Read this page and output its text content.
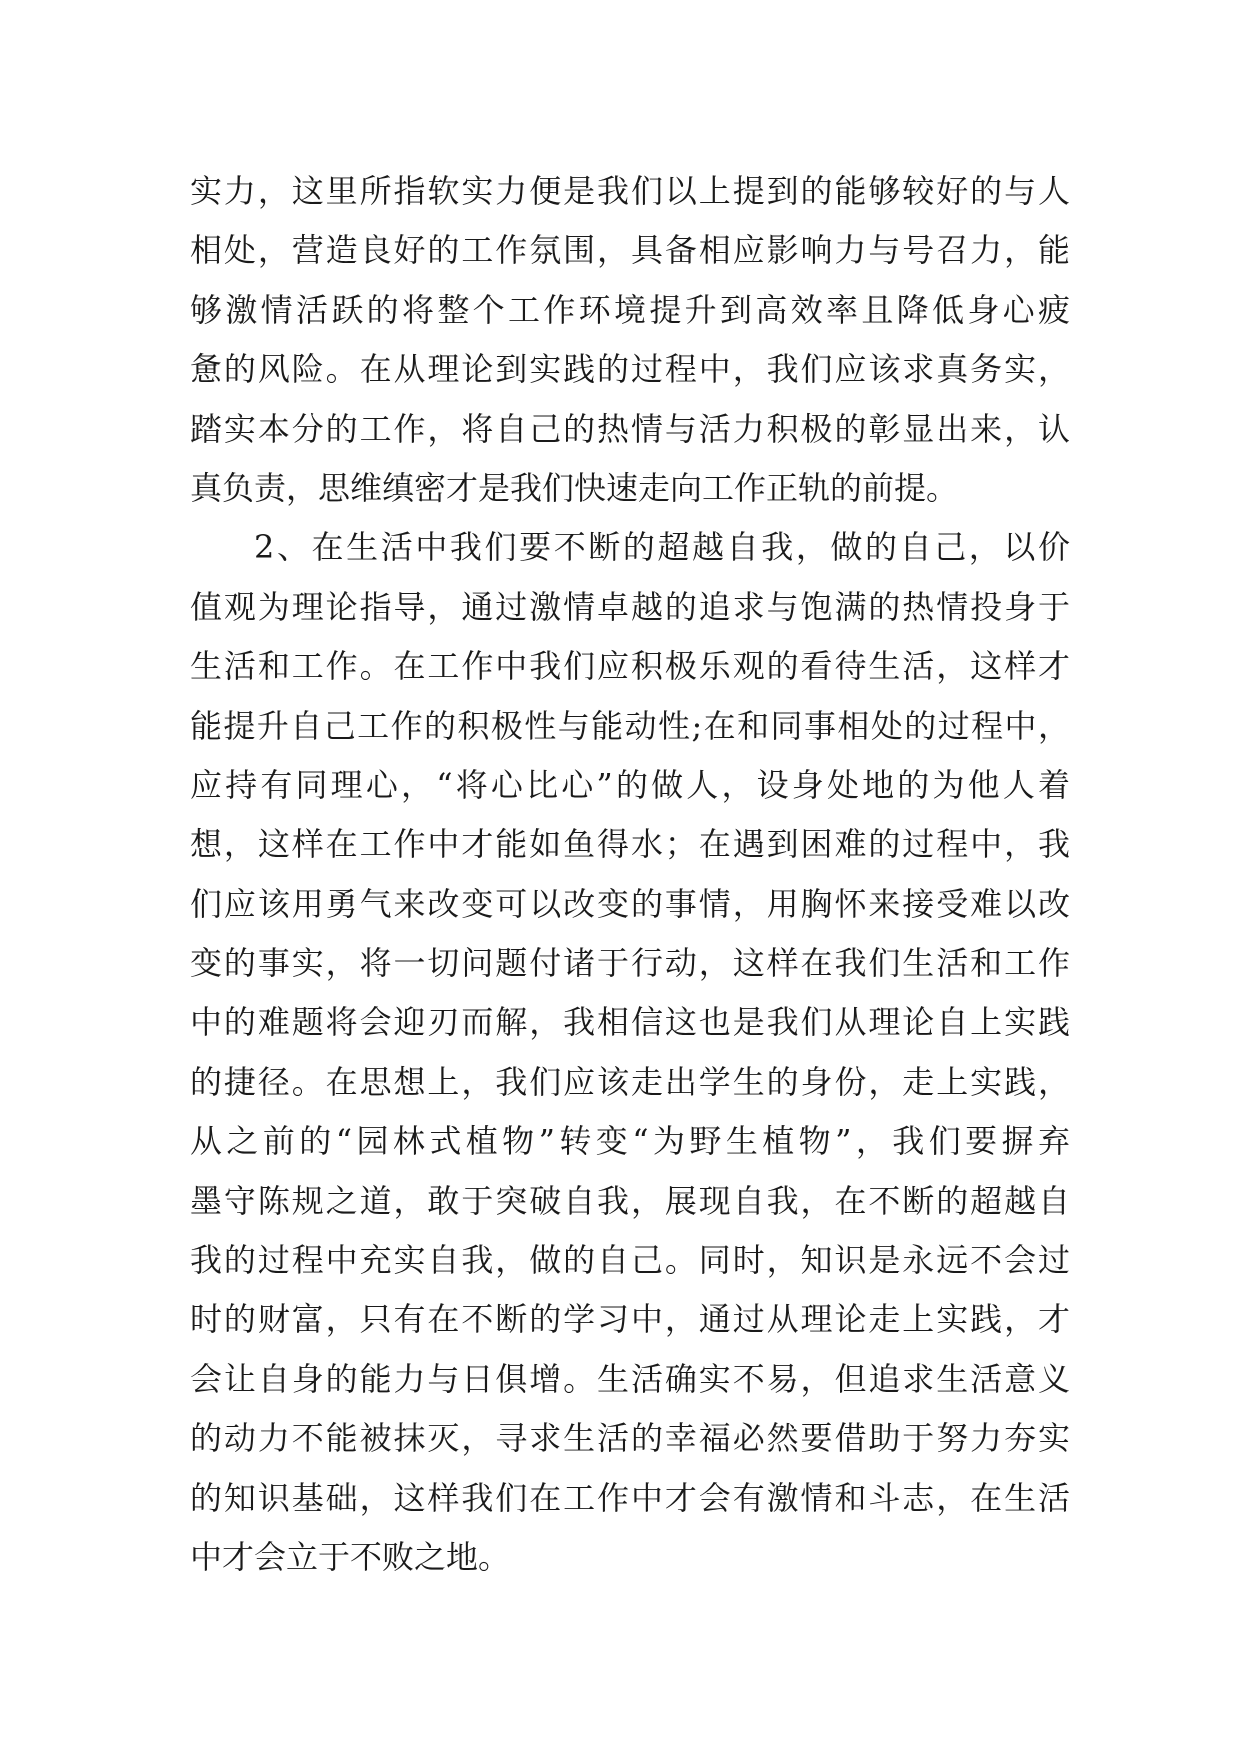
实力，这里所指软实力便是我们以上提到的能够较好的与人
相处，营造良好的工作氛围，具备相应影响力与号召力，能
够激情活跃的将整个工作环境提升到高效率且降低身心疲
惫的风险。在从理论到实践的过程中，我们应该求真务实，
踏实本分的工作，将自己的热情与活力积极的彰显出来，认
真负责，思维缜密才是我们快速走向工作正轨的前提。
2、在生活中我们要不断的超越自我，做的自己，以价
值观为理论指导，通过激情卓越的追求与饱满的热情投身于
生活和工作。在工作中我们应积极乐观的看待生活，这样才
能提升自己工作的积极性与能动性;在和同事相处的过程中，
应持有同理心，“将心比心”的做人，设身处地的为他人着
想，这样在工作中才能如鱼得水；在遇到困难的过程中，我
们应该用勇气来改变可以改变的事情，用胸怀来接受难以改
变的事实，将一切问题付诸于行动，这样在我们生活和工作
中的难题将会迎刃而解，我相信这也是我们从理论自上实践
的捷径。在思想上，我们应该走出学生的身份，走上实践，
从之前的“园林式植物”转变“为野生植物”，我们要摒弃
墨守陈规之道，敢于突破自我，展现自我，在不断的超越自
我的过程中充实自我，做的自己。同时，知识是永远不会过
时的财富，只有在不断的学习中，通过从理论走上实践，才
会让自身的能力与日俱增。生活确实不易，但追求生活意义
的动力不能被抹灭，寻求生活的幸福必然要借助于努力夯实
的知识基础，这样我们在工作中才会有激情和斗志，在生活
中才会立于不败之地。
